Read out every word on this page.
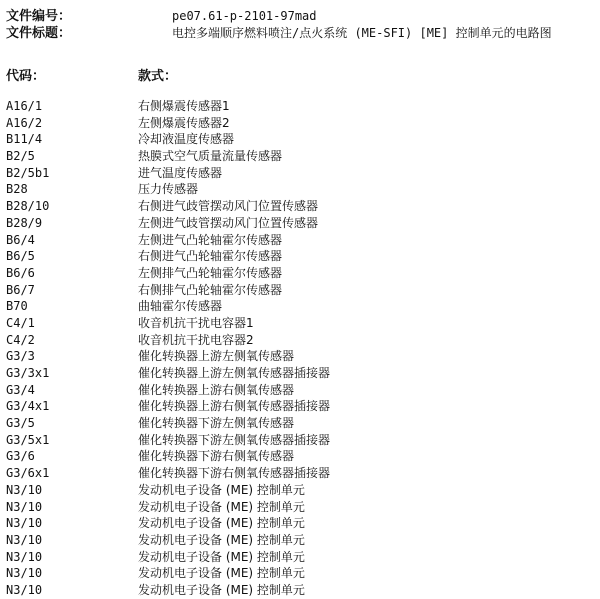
文件编号：	pe07.61-p-2101-97mad
文件标题：	电控多端顺序燃料喷注/点火系统 (ME-SFI) [ME] 控制单元的电路图
代码：	款式：
A16/1	右侧爆震传感器1
A16/2	左侧爆震传感器2
B11/4	冷却液温度传感器
B2/5	热膜式空气质量流量传感器
B2/5b1	进气温度传感器
B28	压力传感器
B28/10	右侧进气歧管摆动风门位置传感器
B28/9	左侧进气歧管摆动风门位置传感器
B6/4	左侧进气凸轮轴霍尔传感器
B6/5	右侧进气凸轮轴霍尔传感器
B6/6	左侧排气凸轮轴霍尔传感器
B6/7	右侧排气凸轮轴霍尔传感器
B70	曲轴霍尔传感器
C4/1	收音机抗干扰电容器1
C4/2	收音机抗干扰电容器2
G3/3	催化转换器上游左侧氧传感器
G3/3x1	催化转换器上游左侧氧传感器插接器
G3/4	催化转换器上游右侧氧传感器
G3/4x1	催化转换器上游右侧氧传感器插接器
G3/5	催化转换器下游左侧氧传感器
G3/5x1	催化转换器下游左侧氧传感器插接器
G3/6	催化转换器下游右侧氧传感器
G3/6x1	催化转换器下游右侧氧传感器插接器
N3/10	发动机电子设备 (ME) 控制单元
N3/10	发动机电子设备 (ME) 控制单元
N3/10	发动机电子设备 (ME) 控制单元
N3/10	发动机电子设备 (ME) 控制单元
N3/10	发动机电子设备 (ME) 控制单元
N3/10	发动机电子设备 (ME) 控制单元
N3/10	发动机电子设备 (ME) 控制单元
